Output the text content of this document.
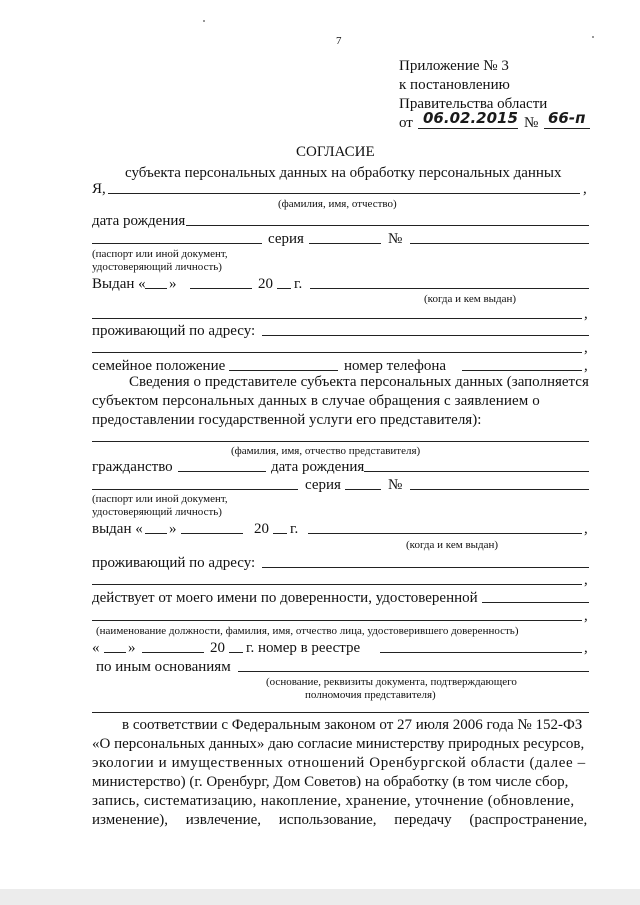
7
Приложение № 3
к постановлению
Правительства области
от 06.02.2015 № 66-п
СОГЛАСИЕ
субъекта персональных данных на обработку персональных данных
Я,	,
(фамилия, имя, отчество)
дата рождения
серия	№
(паспорт или иной документ,
удостоверяющий личность)
Выдан « »	20 г.
(когда и кем выдан)
,
проживающий по адресу:
,
семейное положение	номер телефона	,
Сведения о представителе субъекта персональных данных (заполняется
субъектом персональных данных в случае обращения с заявлением о
предоставлении государственной услуги его представителя):
(фамилия, имя, отчество представителя)
гражданство	дата рождения
серия	№
(паспорт или иной документ,
удостоверяющий личность)
выдан « »	20 г.	,
(когда и кем выдан)
проживающий по адресу:
,
действует от моего имени по доверенности, удостоверенной
,
(наименование должности, фамилия, имя, отчество лица, удостоверившего доверенность)
« »	20 г. номер в реестре	,
по иным основаниям
(основание, реквизиты документа, подтверждающего
полномочия представителя)
в соответствии с Федеральным законом от 27 июля 2006 года № 152-ФЗ
«О персональных данных» даю согласие министерству природных ресурсов,
экологии и имущественных отношений Оренбургской области (далее –
министерство) (г. Оренбург, Дом Советов) на обработку (в том числе сбор,
запись, систематизацию, накопление, хранение, уточнение (обновление,
изменение), извлечение, использование, передачу (распространение,
